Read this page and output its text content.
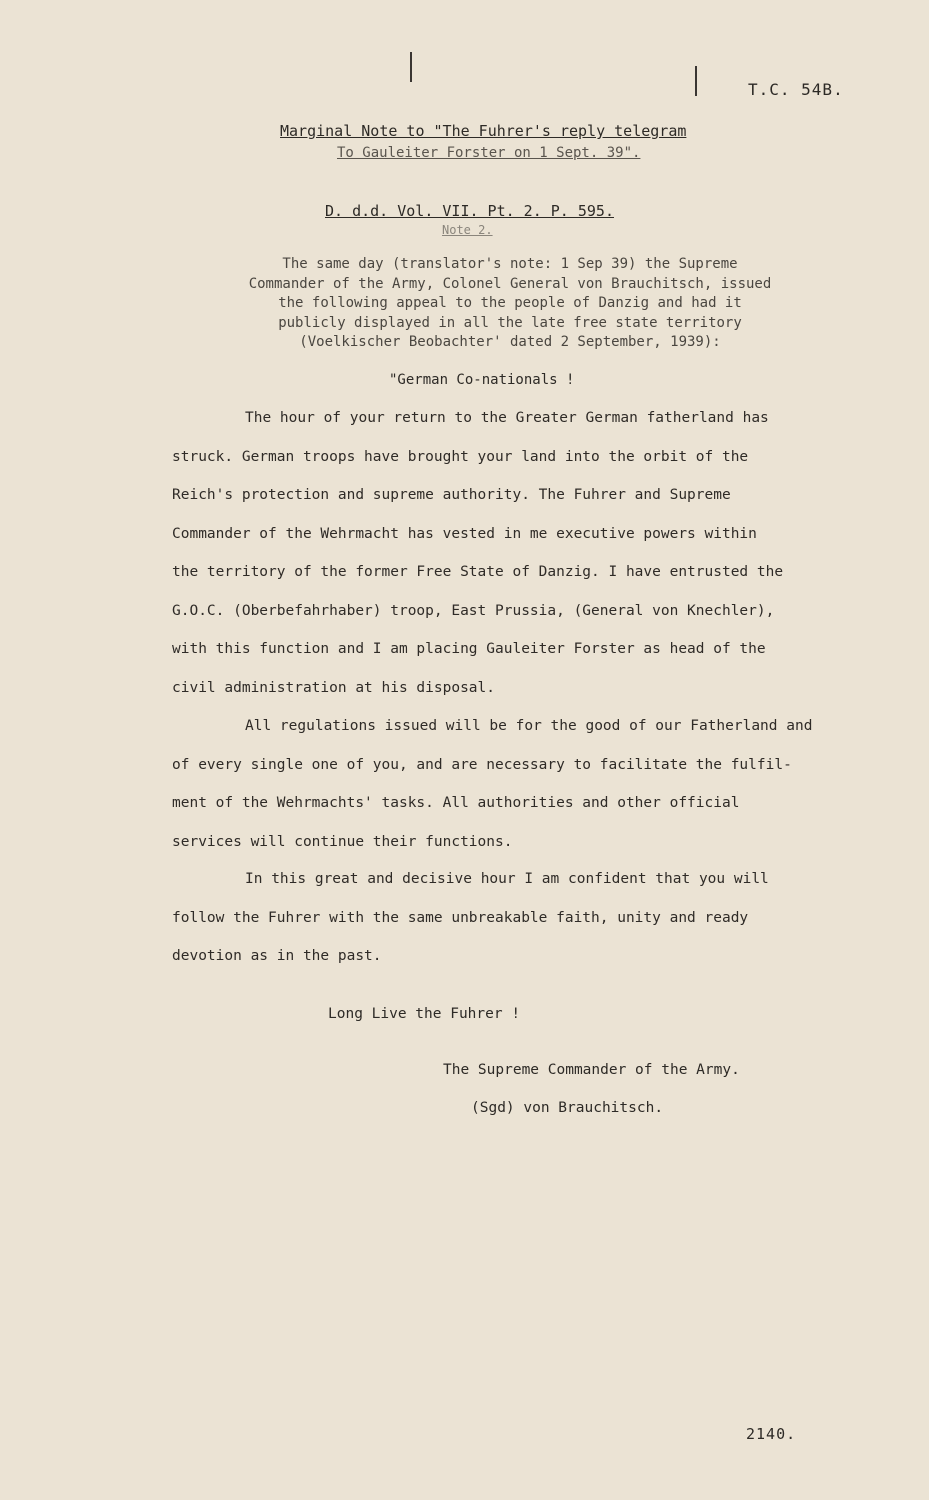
T.C. 54B.
Marginal Note to "The Fuhrer's reply telegram
To Gauleiter Forster on 1 Sept. 39".
D. d.d. Vol. VII. Pt. 2. P. 595.
Note 2.
The same day (translator's note: 1 Sep 39) the Supreme
Commander of the Army, Colonel General von Brauchitsch, issued
the following appeal to the people of Danzig and had it
publicly displayed in all the late free state territory
(Voelkischer Beobachter' dated 2 September, 1939):
"German Co-nationals !
The hour of your return to the Greater German fatherland has
struck. German troops have brought your land into the orbit of the
Reich's protection and supreme authority. The Fuhrer and Supreme
Commander of the Wehrmacht has vested in me executive powers within
the territory of the former Free State of Danzig. I have entrusted the
G.O.C. (Oberbefahrhaber) troop, East Prussia, (General von Knechler),
with this function and I am placing Gauleiter Forster as head of the
civil administration at his disposal.
All regulations issued will be for the good of our Fatherland and
of every single one of you, and are necessary to facilitate the fulfil-
ment of the Wehrmachts' tasks. All authorities and other official
services will continue their functions.
In this great and decisive hour I am confident that you will
follow the Fuhrer with the same unbreakable faith, unity and ready
devotion as in the past.
Long Live the Fuhrer !
The Supreme Commander of the Army.
(Sgd) von Brauchitsch.
2140.
